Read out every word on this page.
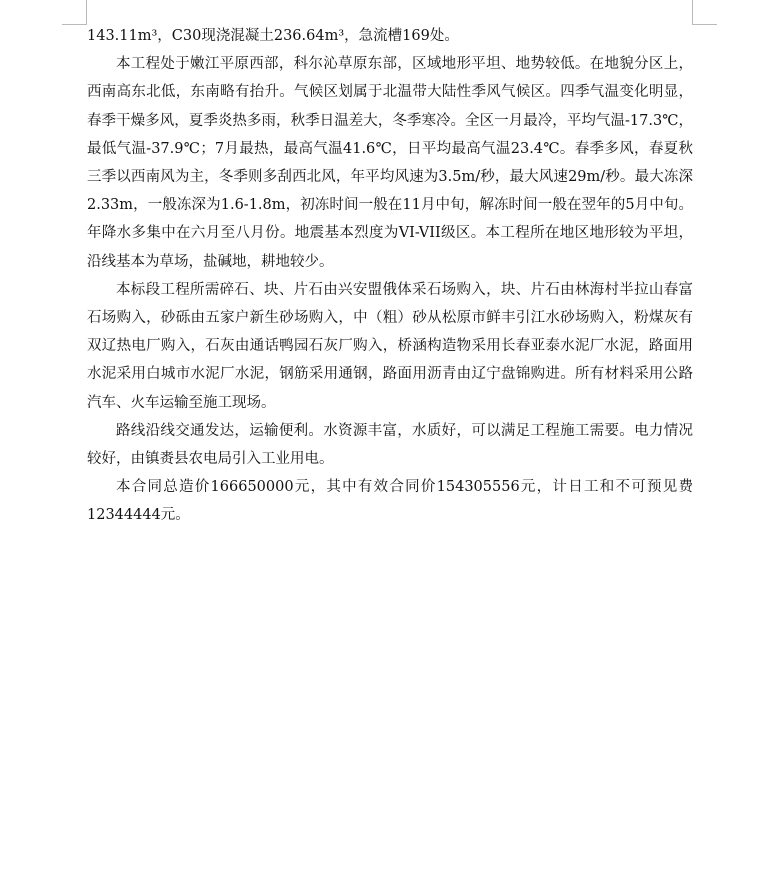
143.11m³，C30现浇混凝土236.64m³，急流槽169处。

本工程处于嫩江平原西部，科尔沁草原东部，区域地形平坦、地势较低。在地貌分区上，西南高东北低，东南略有抬升。气候区划属于北温带大陆性季风气候区。四季气温变化明显，春季干燥多风，夏季炎热多雨，秋季日温差大，冬季寒冷。全区一月最冷，平均气温-17.3℃，最低气温-37.9℃；7月最热，最高气温41.6℃，日平均最高气温23.4℃。春季多风，春夏秋三季以西南风为主，冬季则多刮西北风，年平均风速为3.5m/秒，最大风速29m/秒。最大冻深2.33m，一般冻深为1.6-1.8m，初冻时间一般在11月中旬，解冻时间一般在翌年的5月中旬。年降水多集中在六月至八月份。地震基本烈度为VI-VII级区。本工程所在地区地形较为平坦，沿线基本为草场，盐碱地，耕地较少。

本标段工程所需碎石、块、片石由兴安盟俄体采石场购入，块、片石由林海村半拉山春富石场购入，砂砾由五家户新生砂场购入，中（粗）砂从松原市鲜丰引江水砂场购入，粉煤灰有双辽热电厂购入，石灰由通话鸭园石灰厂购入，桥涵构造物采用长春亚泰水泥厂水泥，路面用水泥采用白城市水泥厂水泥，钢筋采用通钢，路面用沥青由辽宁盘锦购进。所有材料采用公路汽车、火车运输至施工现场。

路线沿线交通发达，运输便利。水资源丰富，水质好，可以满足工程施工需要。电力情况较好，由镇赉县农电局引入工业用电。

本合同总造价166650000元，其中有效合同价154305556元，计日工和不可预见费12344444元。
